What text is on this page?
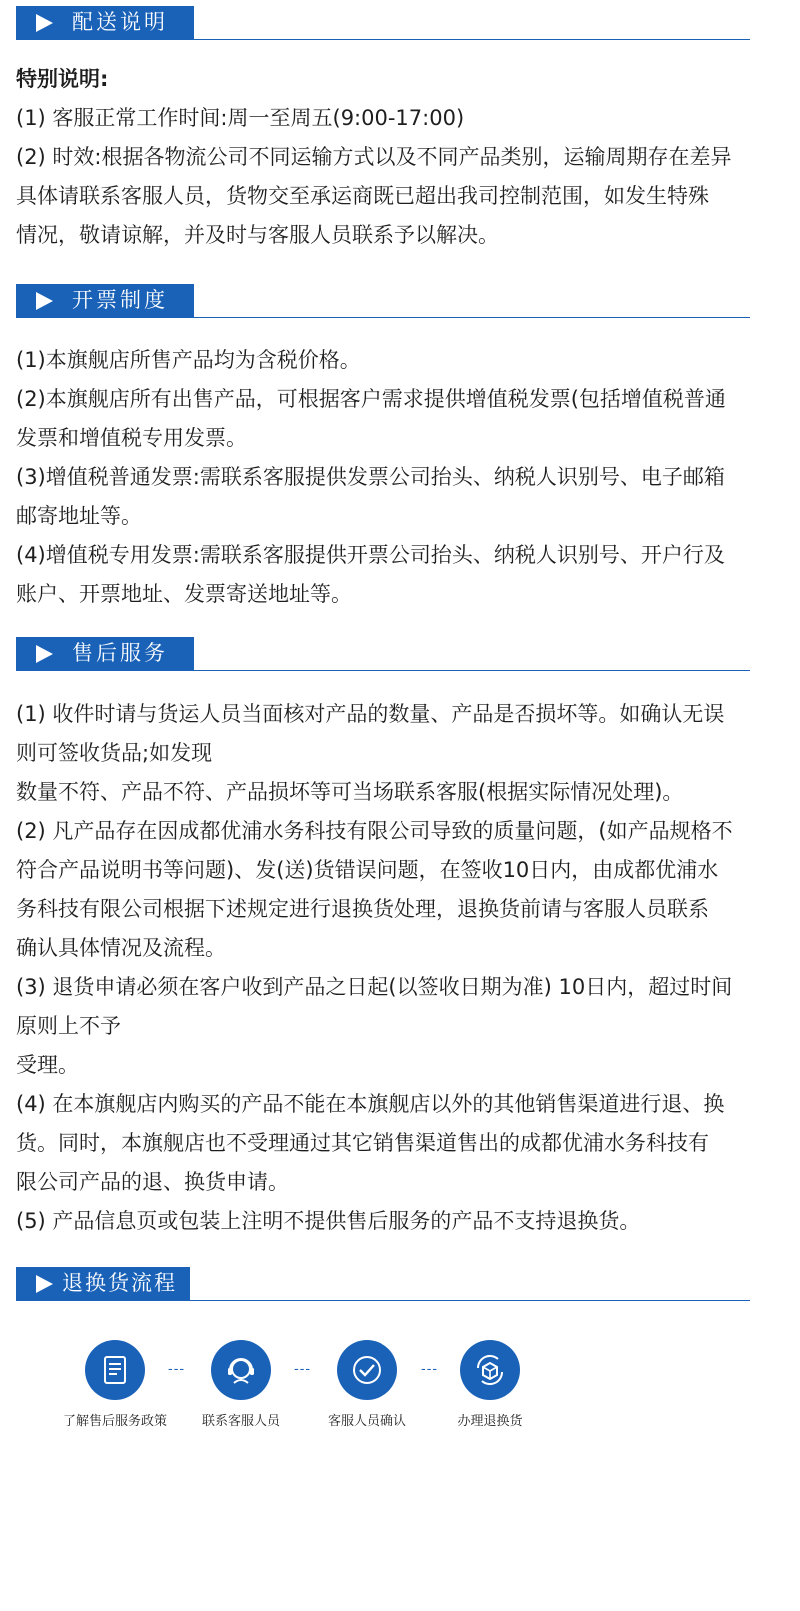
配送说明

特别说明:

(1) 客服正常工作时间:周一至周五(9:00-17:00)

(2) 时效:根据各物流公司不同运输方式以及不同产品类别，运输周期存在差异

具体请联系客服人员，货物交至承运商既已超出我司控制范围，如发生特殊

情况，敬请谅解，并及时与客服人员联系予以解决。

开票制度

(1)本旗舰店所售产品均为含税价格。

(2)本旗舰店所有出售产品，可根据客户需求提供增值税发票(包括增值税普通

发票和增值税专用发票。

(3)增值税普通发票:需联系客服提供发票公司抬头、纳税人识别号、电子邮箱

邮寄地址等。

(4)增值税专用发票:需联系客服提供开票公司抬头、纳税人识别号、开户行及

账户、开票地址、发票寄送地址等。

售后服务

(1) 收件时请与货运人员当面核对产品的数量、产品是否损坏等。如确认无误

则可签收货品;如发现

数量不符、产品不符、产品损坏等可当场联系客服(根据实际情况处理)。

(2) 凡产品存在因成都优浦水务科技有限公司导致的质量问题，(如产品规格不

符合产品说明书等问题)、发(送)货错误问题，在签收10日内，由成都优浦水

务科技有限公司根据下述规定进行退换货处理，退换货前请与客服人员联系

确认具体情况及流程。

(3) 退货申请必须在客户收到产品之日起(以签收日期为准) 10日内，超过时间

原则上不予

受理。

(4) 在本旗舰店内购买的产品不能在本旗舰店以外的其他销售渠道进行退、换

货。同时，本旗舰店也不受理通过其它销售渠道售出的成都优浦水务科技有

限公司产品的退、换货申请。

(5) 产品信息页或包装上注明不提供售后服务的产品不支持退换货。

退换货流程
了解售后服务政策
---
联系客服人员
---
客服人员确认
---
办理退换货
